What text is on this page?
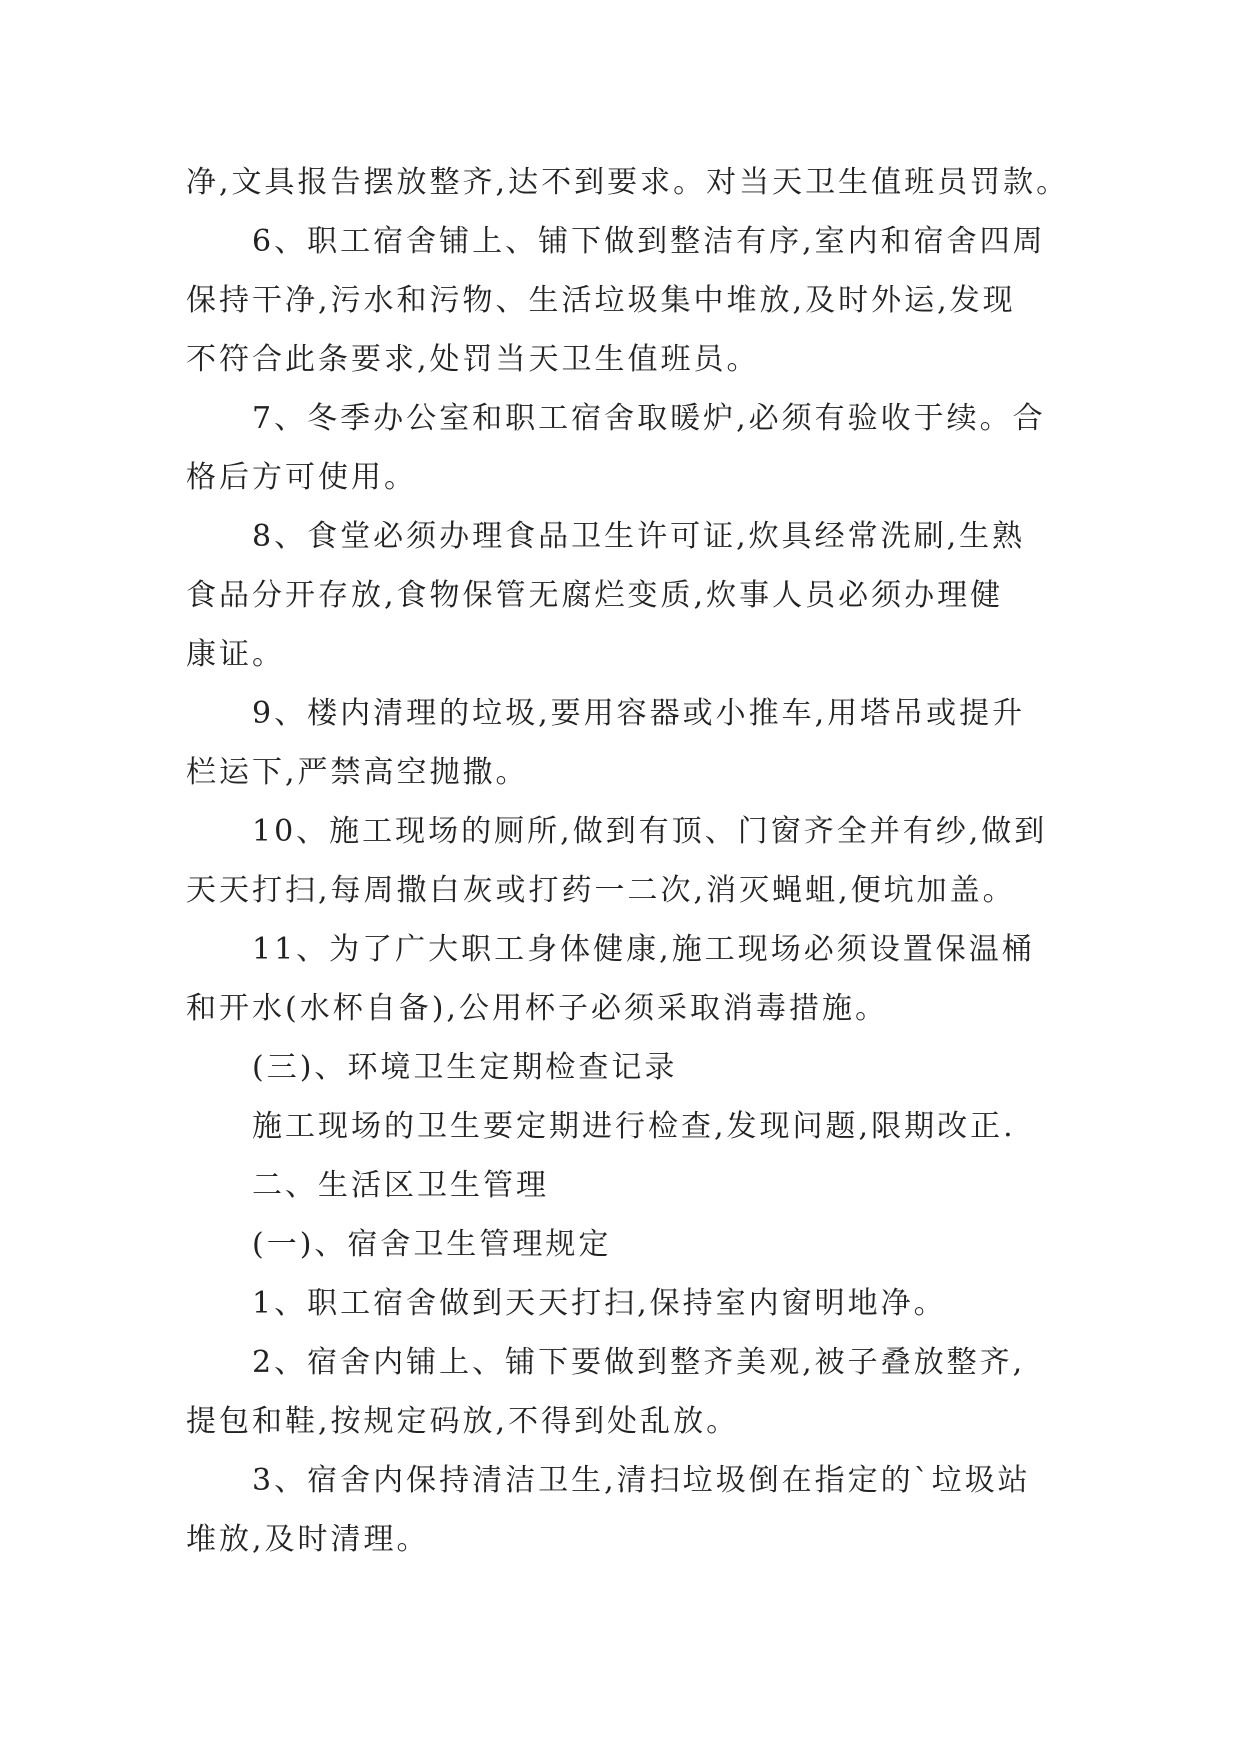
净,文具报告摆放整齐,达不到要求。对当天卫生值班员罚款。
6、职工宿舍铺上、铺下做到整洁有序,室内和宿舍四周
保持干净,污水和污物、生活垃圾集中堆放,及时外运,发现
不符合此条要求,处罚当天卫生值班员。
7、冬季办公室和职工宿舍取暖炉,必须有验收于续。合
格后方可使用。
8、食堂必须办理食品卫生许可证,炊具经常洗刷,生熟
食品分开存放,食物保管无腐烂变质,炊事人员必须办理健
康证。
9、楼内清理的垃圾,要用容器或小推车,用塔吊或提升
栏运下,严禁高空抛撒。
10、施工现场的厕所,做到有顶、门窗齐全并有纱,做到
天天打扫,每周撒白灰或打药一二次,消灭蝇蛆,便坑加盖。
11、为了广大职工身体健康,施工现场必须设置保温桶
和开水(水杯自备),公用杯子必须采取消毒措施。
(三)、环境卫生定期检查记录
施工现场的卫生要定期进行检查,发现问题,限期改正.
二、生活区卫生管理
(一)、宿舍卫生管理规定
1、职工宿舍做到天天打扫,保持室内窗明地净。
2、宿舍内铺上、铺下要做到整齐美观,被子叠放整齐,
提包和鞋,按规定码放,不得到处乱放。
3、宿舍内保持清洁卫生,清扫垃圾倒在指定的`垃圾站
堆放,及时清理。
